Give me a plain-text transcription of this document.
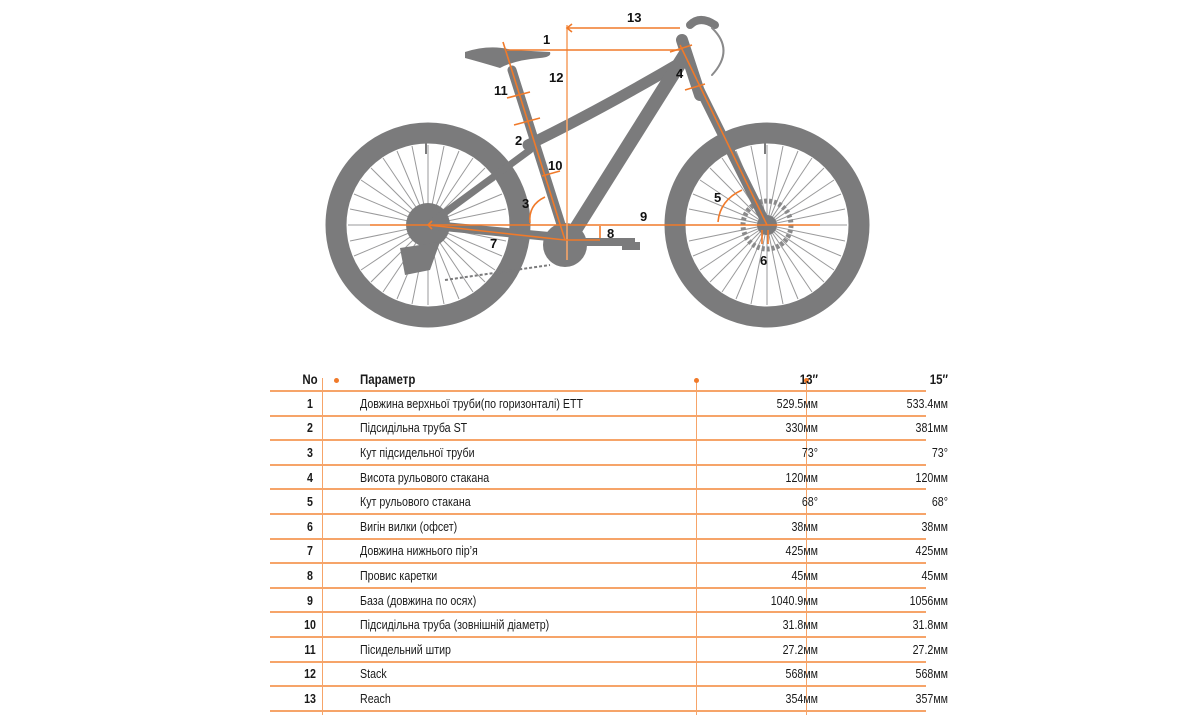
1
2
3
4
5
6
7
8
9
10
11
12
13
No	Параметр	13″	15″
1	Довжина верхньої труби(по горизонталі) ETT	529.5мм	533.4мм
2	Підсидільна труба ST	330мм	381мм
3	Кут підсидельної труби	73°	73°
4	Висота рульового стакана	120мм	120мм
5	Кут рульового стакана	68°	68°
6	Вигін вилки (офсет)	38мм	38мм
7	Довжина нижнього пір’я	425мм	425мм
8	Провис каретки	45мм	45мм
9	База (довжина по осях)	1040.9мм	1056мм
10	Підсидільна труба (зовнішній діаметр)	31.8мм	31.8мм
11	Пісидельний штир	27.2мм	27.2мм
12	Stack	568мм	568мм
13	Reach	354мм	357мм
